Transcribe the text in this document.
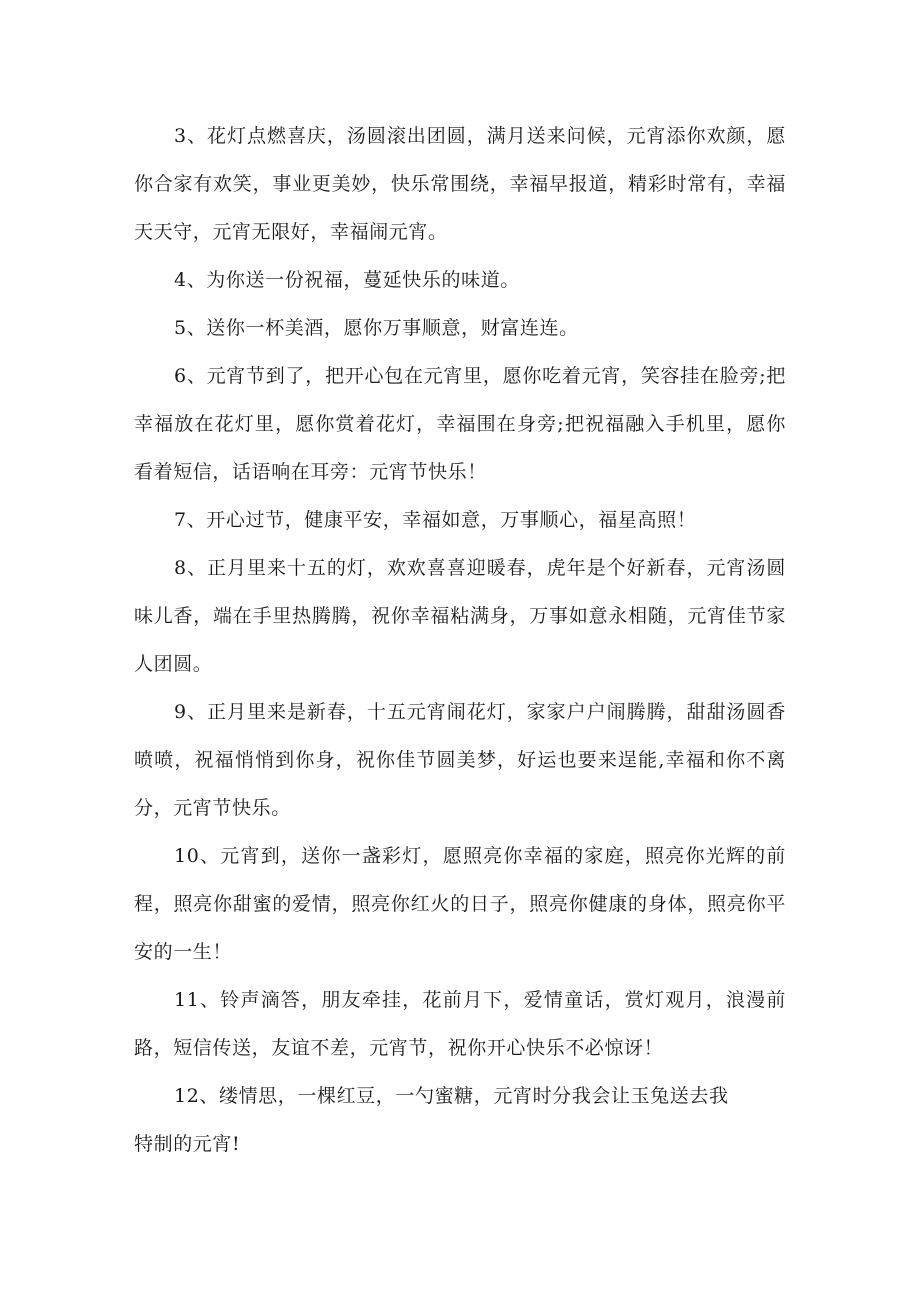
3、花灯点燃喜庆，汤圆滚出团圆，满月送来问候，元宵添你欢颜，愿你合家有欢笑，事业更美妙，快乐常围绕，幸福早报道，精彩时常有，幸福天天守，元宵无限好，幸福闹元宵。

4、为你送一份祝福，蔓延快乐的味道。

5、送你一杯美酒，愿你万事顺意，财富连连。

6、元宵节到了，把开心包在元宵里，愿你吃着元宵，笑容挂在脸旁;把幸福放在花灯里，愿你赏着花灯，幸福围在身旁;把祝福融入手机里，愿你看着短信，话语响在耳旁：元宵节快乐！

7、开心过节，健康平安，幸福如意，万事顺心，福星高照！

8、正月里来十五的灯，欢欢喜喜迎暖春，虎年是个好新春，元宵汤圆味儿香，端在手里热腾腾，祝你幸福粘满身，万事如意永相随，元宵佳节家人团圆。

9、正月里来是新春，十五元宵闹花灯，家家户户闹腾腾，甜甜汤圆香喷喷，祝福悄悄到你身，祝你佳节圆美梦，好运也要来逞能,幸福和你不离分，元宵节快乐。

10、元宵到，送你一盏彩灯，愿照亮你幸福的家庭，照亮你光辉的前程，照亮你甜蜜的爱情，照亮你红火的日子，照亮你健康的身体，照亮你平安的一生！

11、铃声滴答，朋友牵挂，花前月下，爱情童话，赏灯观月，浪漫前路，短信传送，友谊不差，元宵节，祝你开心快乐不必惊讶！

12、缕情思，一棵红豆，一勺蜜糖，元宵时分我会让玉兔送去我

特制的元宵!
